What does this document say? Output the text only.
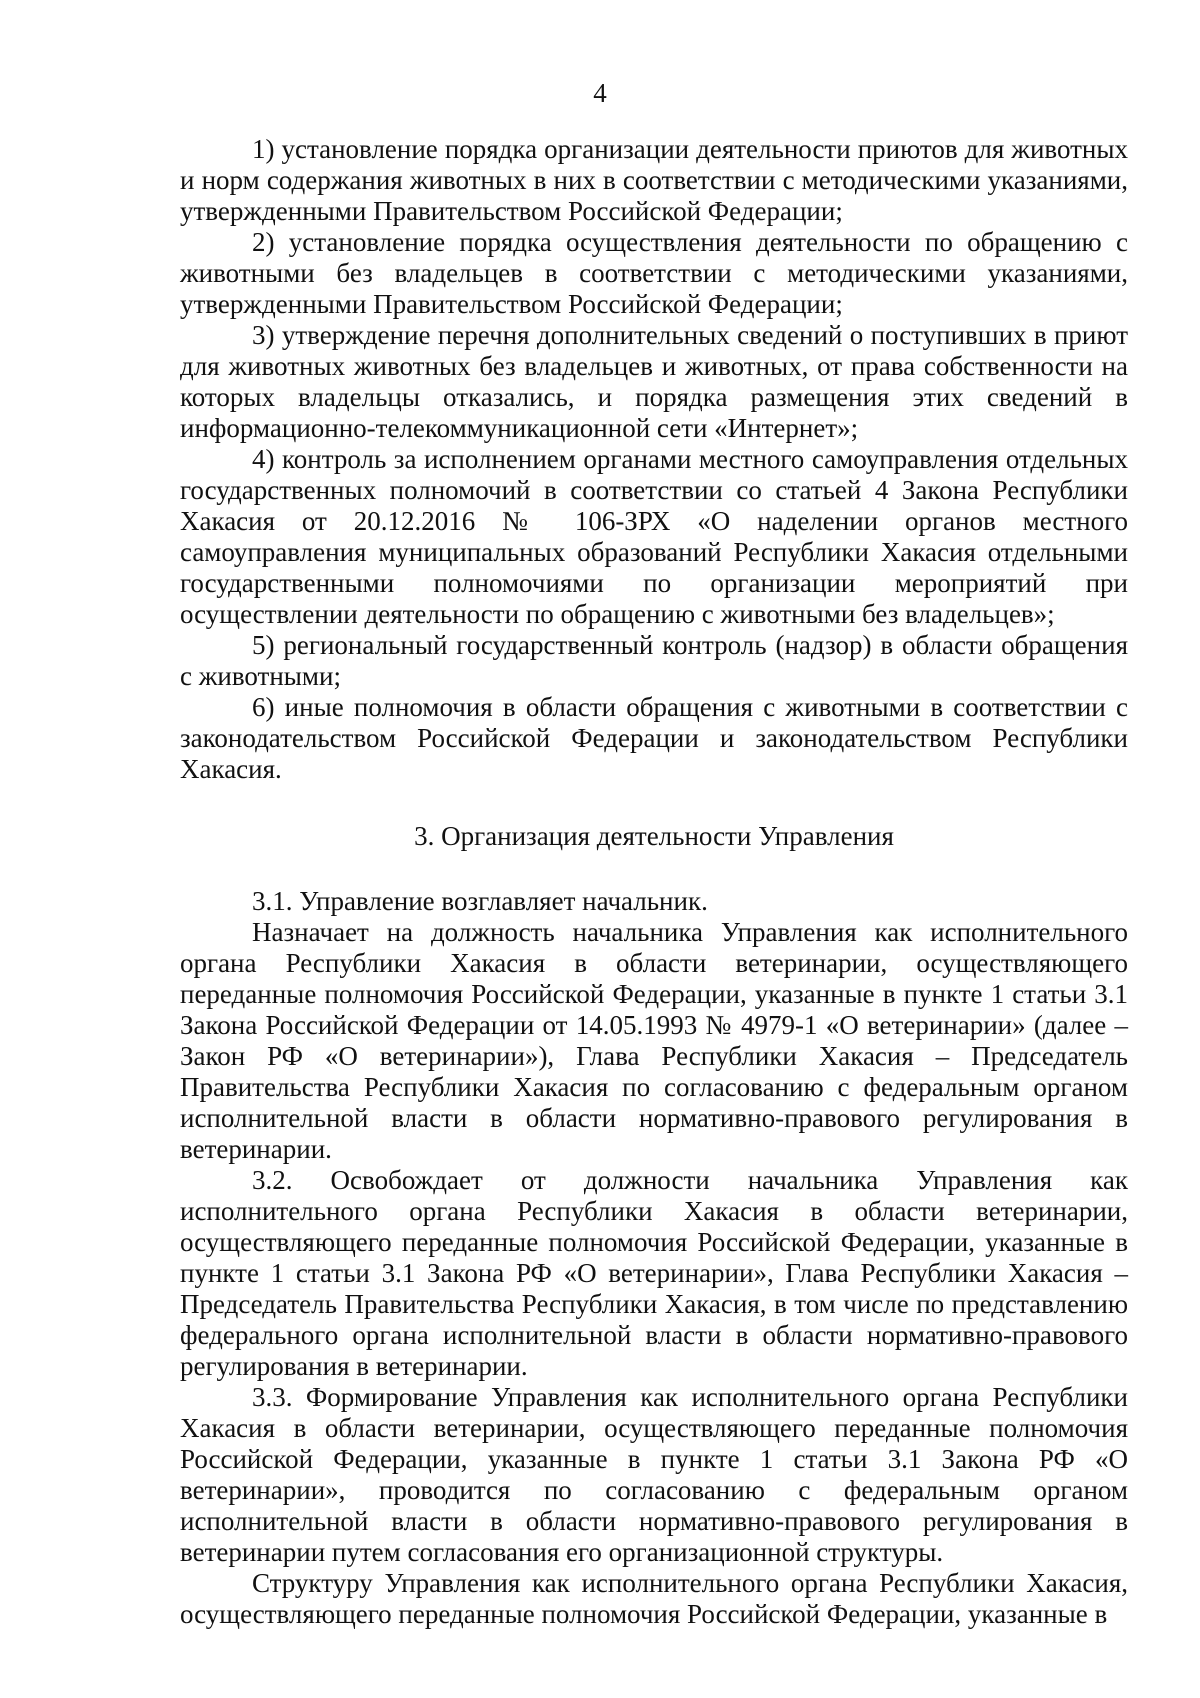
4

1) установление порядка организации деятельности приютов для животных и норм содержания животных в них в соответствии с методическими указаниями, утвержденными Правительством Российской Федерации;

2) установление порядка осуществления деятельности по обращению с животными без владельцев в соответствии с методическими указаниями, утвержденными Правительством Российской Федерации;

3) утверждение перечня дополнительных сведений о поступивших в приют для животных животных без владельцев и животных, от права собственности на которых владельцы отказались, и порядка размещения этих сведений в информационно-телекоммуникационной сети «Интернет»;

4) контроль за исполнением органами местного самоуправления отдельных государственных полномочий в соответствии со статьей 4 Закона Республики Хакасия от 20.12.2016 № 106-ЗРХ «О наделении органов местного самоуправления муниципальных образований Республики Хакасия отдельными государственными полномочиями по организации мероприятий при осуществлении деятельности по обращению с животными без владельцев»;

5) региональный государственный контроль (надзор) в области обращения с животными;

6) иные полномочия в области обращения с животными в соответствии с законодательством Российской Федерации и законодательством Республики Хакасия.

3. Организация деятельности Управления

3.1. Управление возглавляет начальник.

Назначает на должность начальника Управления как исполнительного органа Республики Хакасия в области ветеринарии, осуществляющего переданные полномочия Российской Федерации, указанные в пункте 1 статьи 3.1 Закона Российской Федерации от 14.05.1993 № 4979-1 «О ветеринарии» (далее – Закон РФ «О ветеринарии»), Глава Республики Хакасия – Председатель Правительства Республики Хакасия по согласованию с федеральным органом исполнительной власти в области нормативно-правового регулирования в ветеринарии.

3.2. Освобождает от должности начальника Управления как исполнительного органа Республики Хакасия в области ветеринарии, осуществляющего переданные полномочия Российской Федерации, указанные в пункте 1 статьи 3.1 Закона РФ «О ветеринарии», Глава Республики Хакасия – Председатель Правительства Республики Хакасия, в том числе по представлению федерального органа исполнительной власти в области нормативно-правового регулирования в ветеринарии.

3.3. Формирование Управления как исполнительного органа Республики Хакасия в области ветеринарии, осуществляющего переданные полномочия Российской Федерации, указанные в пункте 1 статьи 3.1 Закона РФ «О ветеринарии», проводится по согласованию с федеральным органом исполнительной власти в области нормативно-правового регулирования в ветеринарии путем согласования его организационной структуры.

Структуру Управления как исполнительного органа Республики Хакасия, осуществляющего переданные полномочия Российской Федерации, указанные в
